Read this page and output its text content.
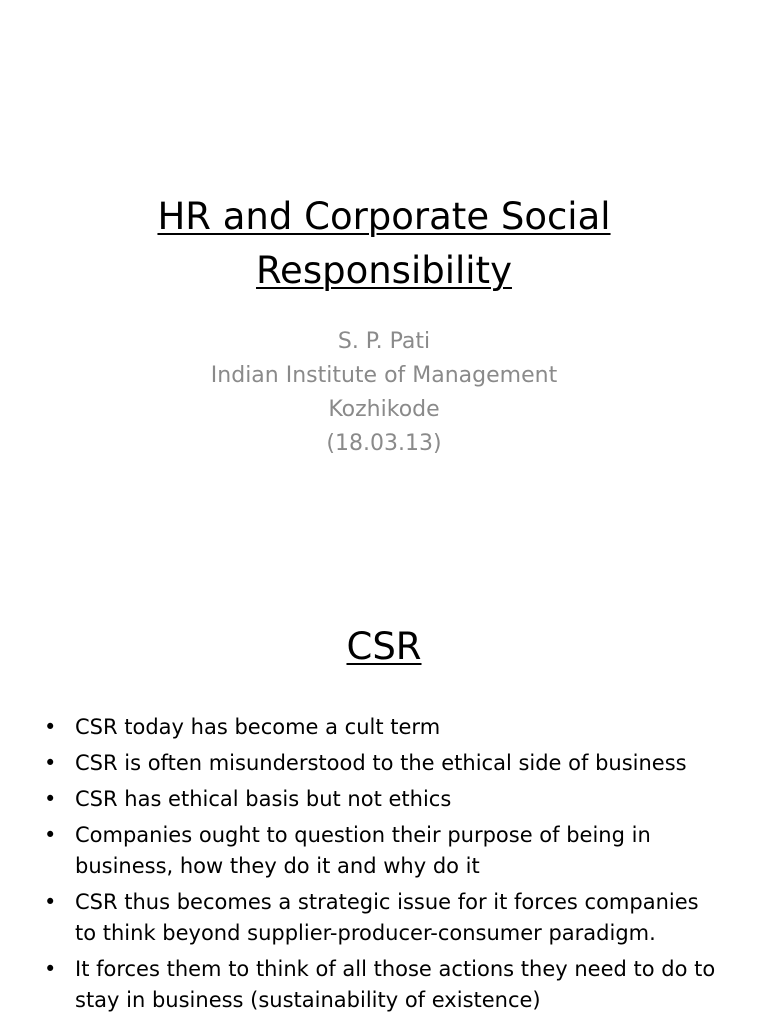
HR and Corporate Social
Responsibility
S. P. Pati
Indian Institute of Management
Kozhikode
(18.03.13)
CSR
• CSR today has become a cult term
• CSR is often misunderstood to the ethical side of business
• CSR has ethical basis but not ethics
• Companies ought to question their purpose of being in business, how they do it and why do it
• CSR thus becomes a strategic issue for it forces companies to think beyond supplier-producer-consumer paradigm.
• It forces them to think of all those actions they need to do to stay in business (sustainability of existence)
